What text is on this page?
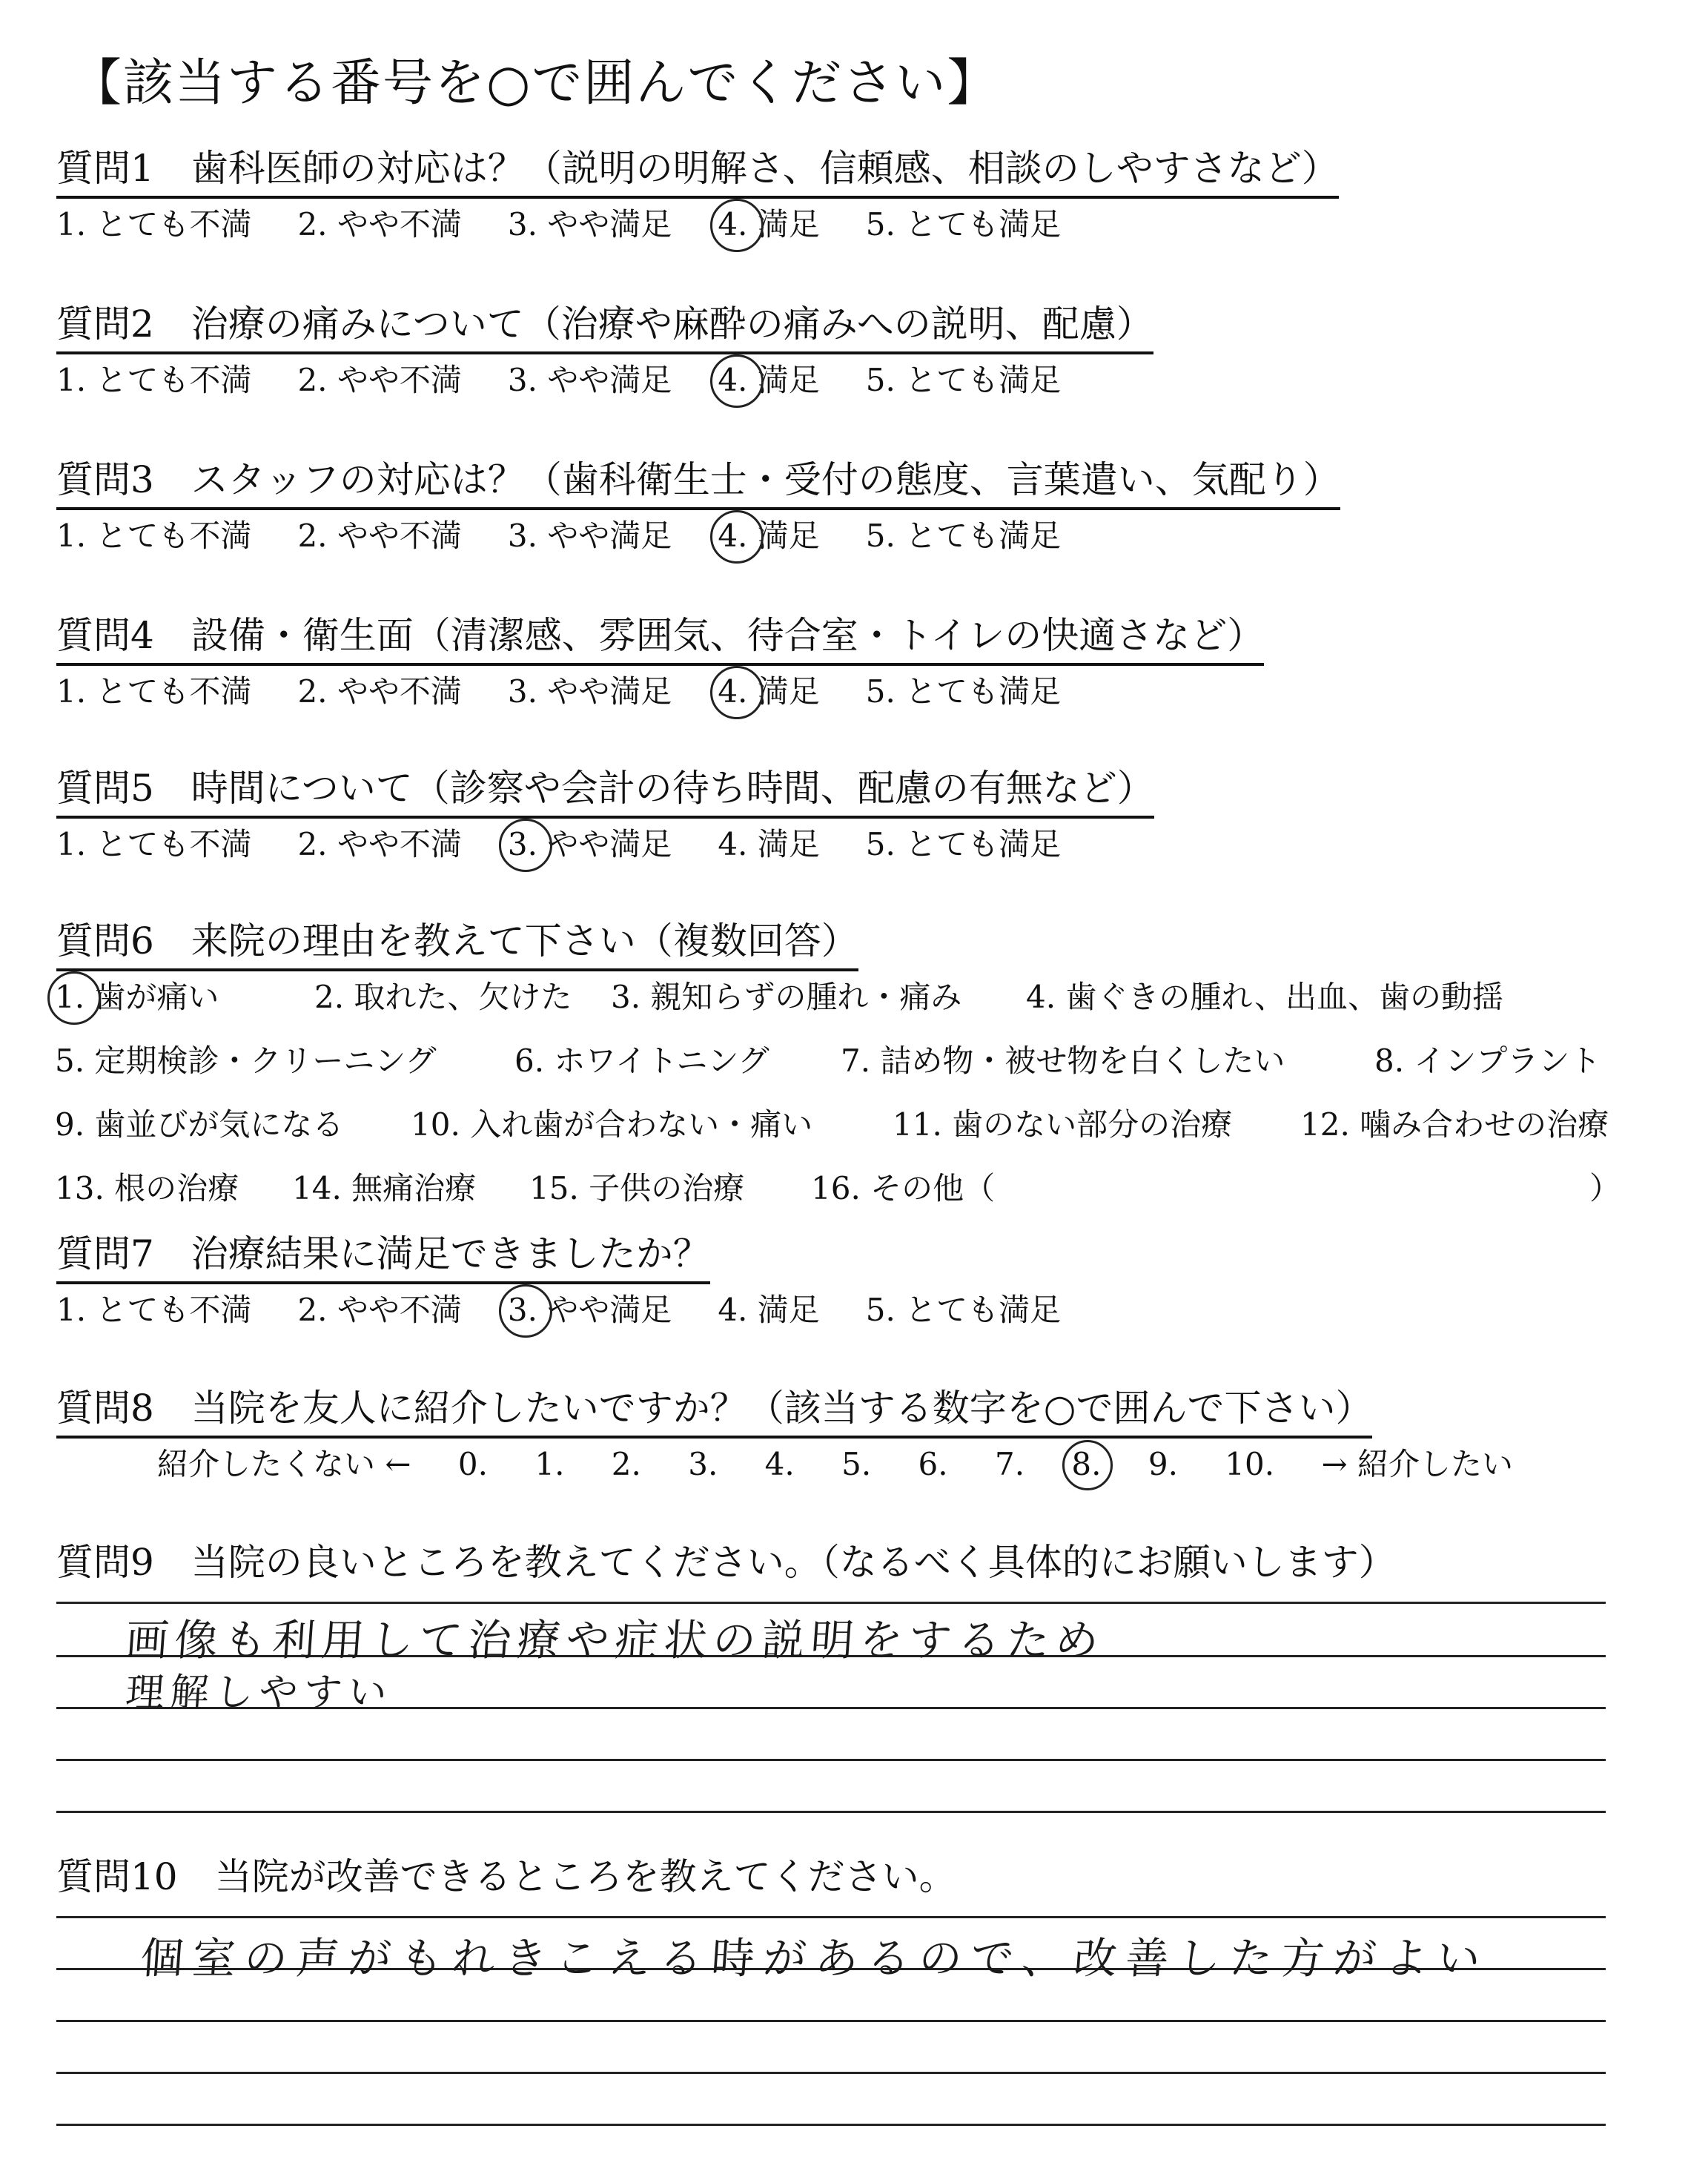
【該当する番号を○で囲んでください】
質問1　歯科医師の対応は？（説明の明解さ、信頼感、相談のしやすさなど）
1. とても不満 2. やや不満 3. やや満足 4. 満足 5. とても満足
質問2　治療の痛みについて（治療や麻酔の痛みへの説明、配慮）
1. とても不満 2. やや不満 3. やや満足 4. 満足 5. とても満足
質問3　スタッフの対応は？（歯科衛生士・受付の態度、言葉遣い、気配り）
1. とても不満 2. やや不満 3. やや満足 4. 満足 5. とても満足
質問4　設備・衛生面（清潔感、雰囲気、待合室・トイレの快適さなど）
1. とても不満 2. やや不満 3. やや満足 4. 満足 5. とても満足
質問5　時間について（診察や会計の待ち時間、配慮の有無など）
1. とても不満 2. やや不満 3. やや満足 4. 満足 5. とても満足
質問6　来院の理由を教えて下さい（複数回答）
1. 歯が痛い	2. 取れた、欠けた 3. 親知らずの腫れ・痛み 4. 歯ぐきの腫れ、出血、歯の動揺
5. 定期検診・クリーニング	6. ホワイトニング 7. 詰め物・被せ物を白くしたい	8. インプラント
9. 歯並びが気になる 10. 入れ歯が合わない・痛い	11. 歯のない部分の治療 12. 噛み合わせの治療
13. 根の治療 14. 無痛治療 15. 子供の治療 16. その他（	）
質問7　治療結果に満足できましたか？
1. とても不満 2. やや不満 3. やや満足 4. 満足 5. とても満足
質問8　当院を友人に紹介したいですか？（該当する数字を○で囲んで下さい）
紹介したくない ← 0. 1. 2. 3. 4. 5. 6. 7. 8. 9. 10. → 紹介したい
質問9　当院の良いところを教えてください。（なるべく具体的にお願いします）
画像も利用して治療や症状の説明をするため
理解しやすい
質問10　当院が改善できるところを教えてください。
個室の声がもれきこえる時があるので、改善した方がよい
